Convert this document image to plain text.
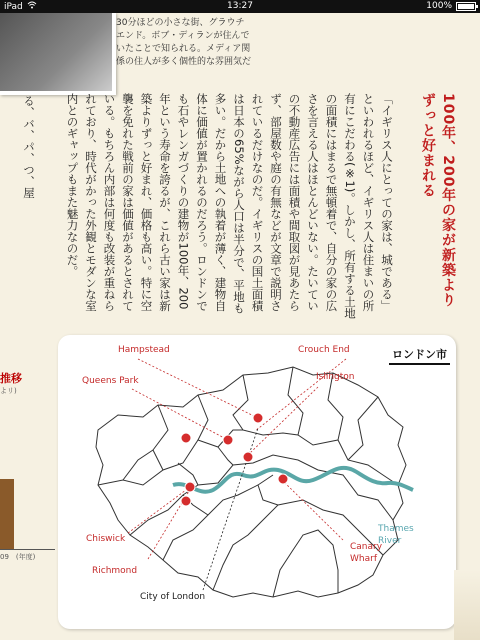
iPad	13:27	100%
30分ほどの小さな街、グラウチエンド。ボブ・ディランが住んでいたことで知られる。メディア関係の住人が多く個性的な雰囲気だ
100年、200年の家が新築よりずっと好まれる
「イギリス人にとっての家は、城である」といわれるほど、イギリス人は住まいの所有にこだわる(※1)。しかし、所有する土地の面積にはまるで無頓着で、自分の家の広さを言える人はほとんどいない。たいていの不動産広告には面積や間取図が見あたらず、部屋数や庭の有無などが文章で説明されているだけなのだ。イギリスの国土面積は日本の65%ながら人口は半分で、平地も多い。だから土地への執着が薄く、建物自体に価値が置かれるのだろう。ロンドンでも石やレンガづくりの建物が100年、200年という寿命を誇るが、これら古い家は新築よりずっと好まれ、価格も高い。特に空襲を免れた戦前の家は価値があるとされている。もちろん内部は何度も改装が重ねられており、時代がかった外観とモダンな室内とのギャップもまた魅力なのだ。
る、バ、パ、つ、屋
推移
よリ)
09　(年度)
ロンドン市
Hampstead	Crouch End
Queens Park	Islington
Chiswick
Richmond
Canary
Wharf
City of London
Thames
River
